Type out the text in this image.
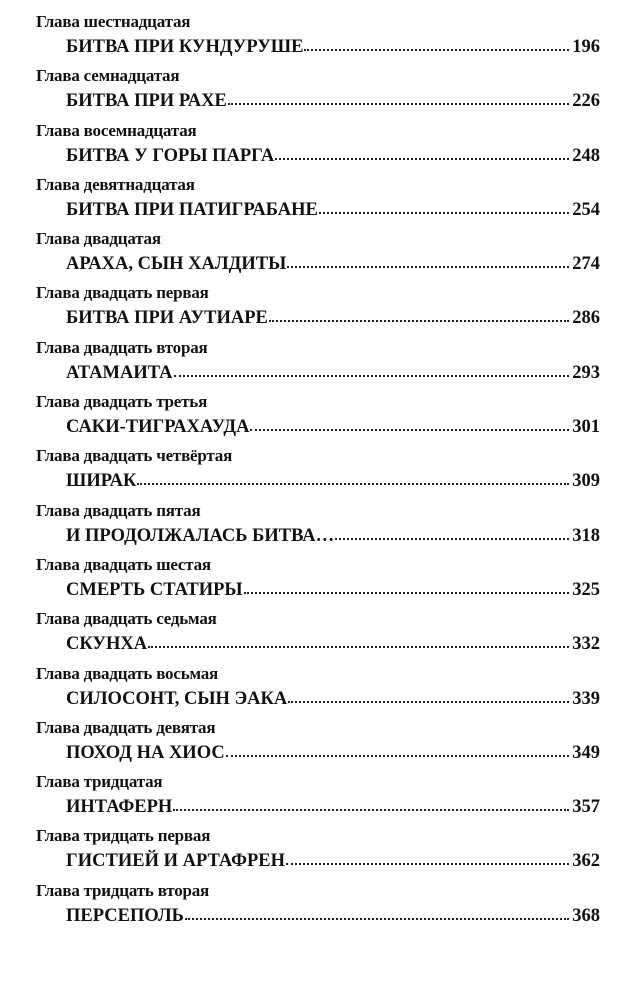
Глава шестнадцатая
БИТВА ПРИ КУНДУРУШЕ	196
Глава семнадцатая
БИТВА ПРИ РАХЕ	226
Глава восемнадцатая
БИТВА У ГОРЫ ПАРГА	248
Глава девятнадцатая
БИТВА ПРИ ПАТИГРАБАНЕ	254
Глава двадцатая
АРАХА, СЫН ХАЛДИТЫ	274
Глава двадцать первая
БИТВА ПРИ АУТИАРЕ	286
Глава двадцать вторая
АТАМАИТА	293
Глава двадцать третья
САКИ-ТИГРАХАУДА	301
Глава двадцать четвёртая
ШИРАК	309
Глава двадцать пятая
И ПРОДОЛЖАЛАСЬ БИТВА…	318
Глава двадцать шестая
СМЕРТЬ СТАТИРЫ	325
Глава двадцать седьмая
СКУНХА	332
Глава двадцать восьмая
СИЛОСОНТ, СЫН ЭАКА	339
Глава двадцать девятая
ПОХОД НА ХИОС	349
Глава тридцатая
ИНТАФЕРН	357
Глава тридцать первая
ГИСТИЕЙ И АРТАФРЕН	362
Глава тридцать вторая
ПЕРСЕПОЛЬ	368
